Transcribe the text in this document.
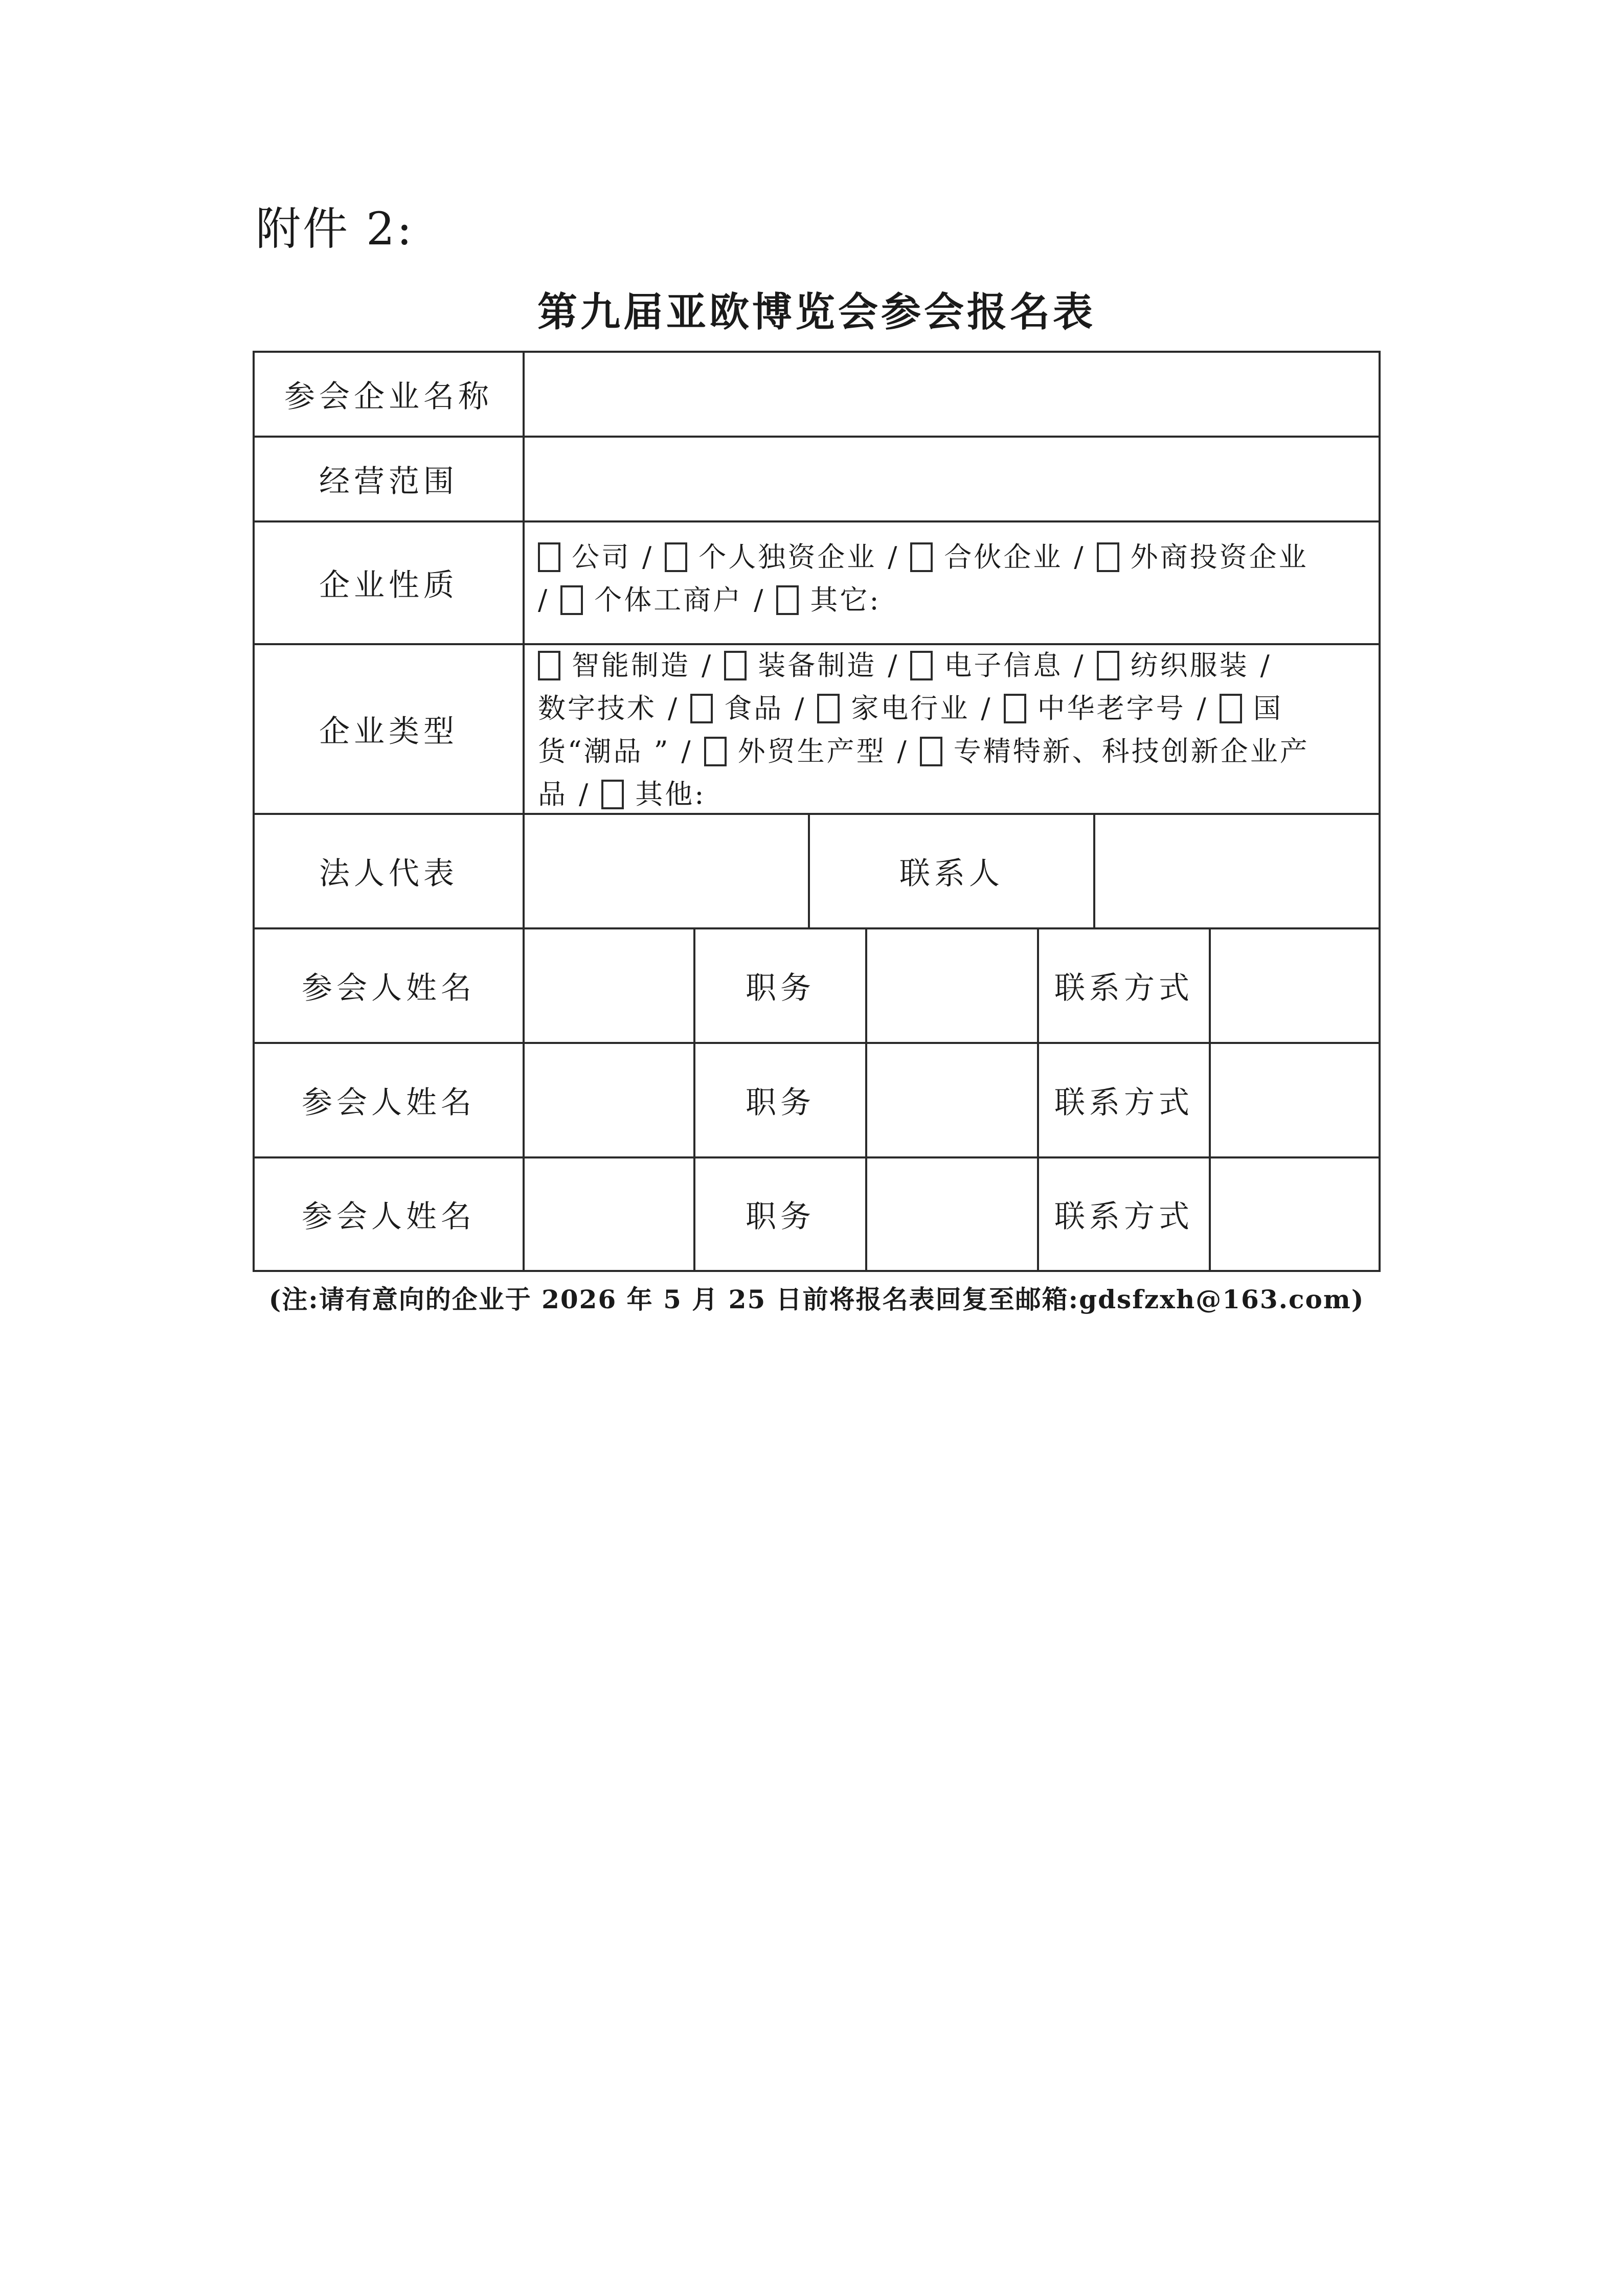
附件 2:
第九届亚欧博览会参会报名表
参会企业名称
经营范围
企业性质
公司 / 个人独资企业 / 合伙企业 / 外商投资企业
/ 个体工商户 / 其它:
企业类型
智能制造 / 装备制造 / 电子信息 / 纺织服装 /
数字技术 / 食品 / 家电行业 / 中华老字号 / 国
货“潮品 ” / 外贸生产型 / 专精特新、科技创新企业产
品 / 其他:
法人代表	联系人
参会人姓名	职务	联系方式
参会人姓名	职务	联系方式
参会人姓名	职务	联系方式
(注:请有意向的企业于 2026 年 5 月 25 日前将报名表回复至邮箱:gdsfzxh@163.com)
